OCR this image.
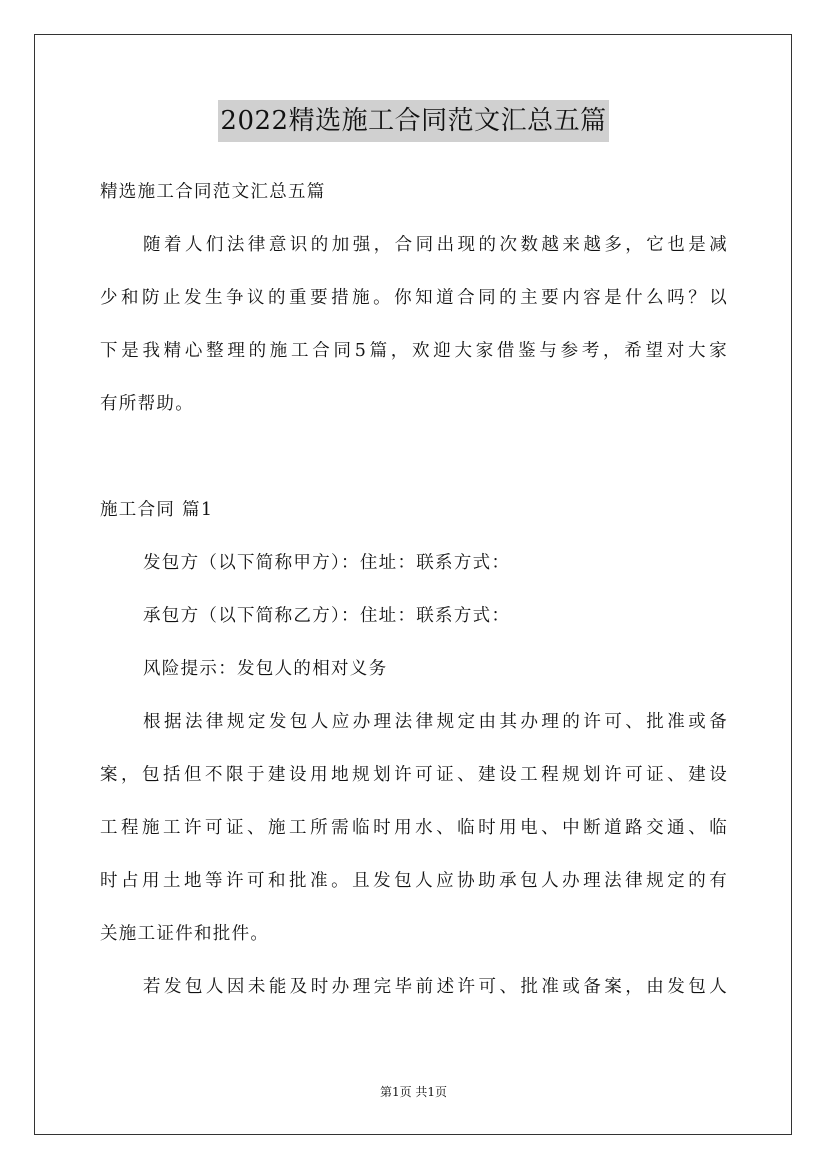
2022精选施工合同范文汇总五篇
精选施工合同范文汇总五篇
随着人们法律意识的加强，合同出现的次数越来越多，它也是减
少和防止发生争议的重要措施。你知道合同的主要内容是什么吗？以
下是我精心整理的施工合同5篇，欢迎大家借鉴与参考，希望对大家
有所帮助。
施工合同 篇1
发包方（以下简称甲方）：住址：联系方式：
承包方（以下简称乙方）：住址：联系方式：
风险提示：发包人的相对义务
根据法律规定发包人应办理法律规定由其办理的许可、批准或备
案，包括但不限于建设用地规划许可证、建设工程规划许可证、建设
工程施工许可证、施工所需临时用水、临时用电、中断道路交通、临
时占用土地等许可和批准。且发包人应协助承包人办理法律规定的有
关施工证件和批件。
若发包人因未能及时办理完毕前述许可、批准或备案，由发包人
第1页 共1页
